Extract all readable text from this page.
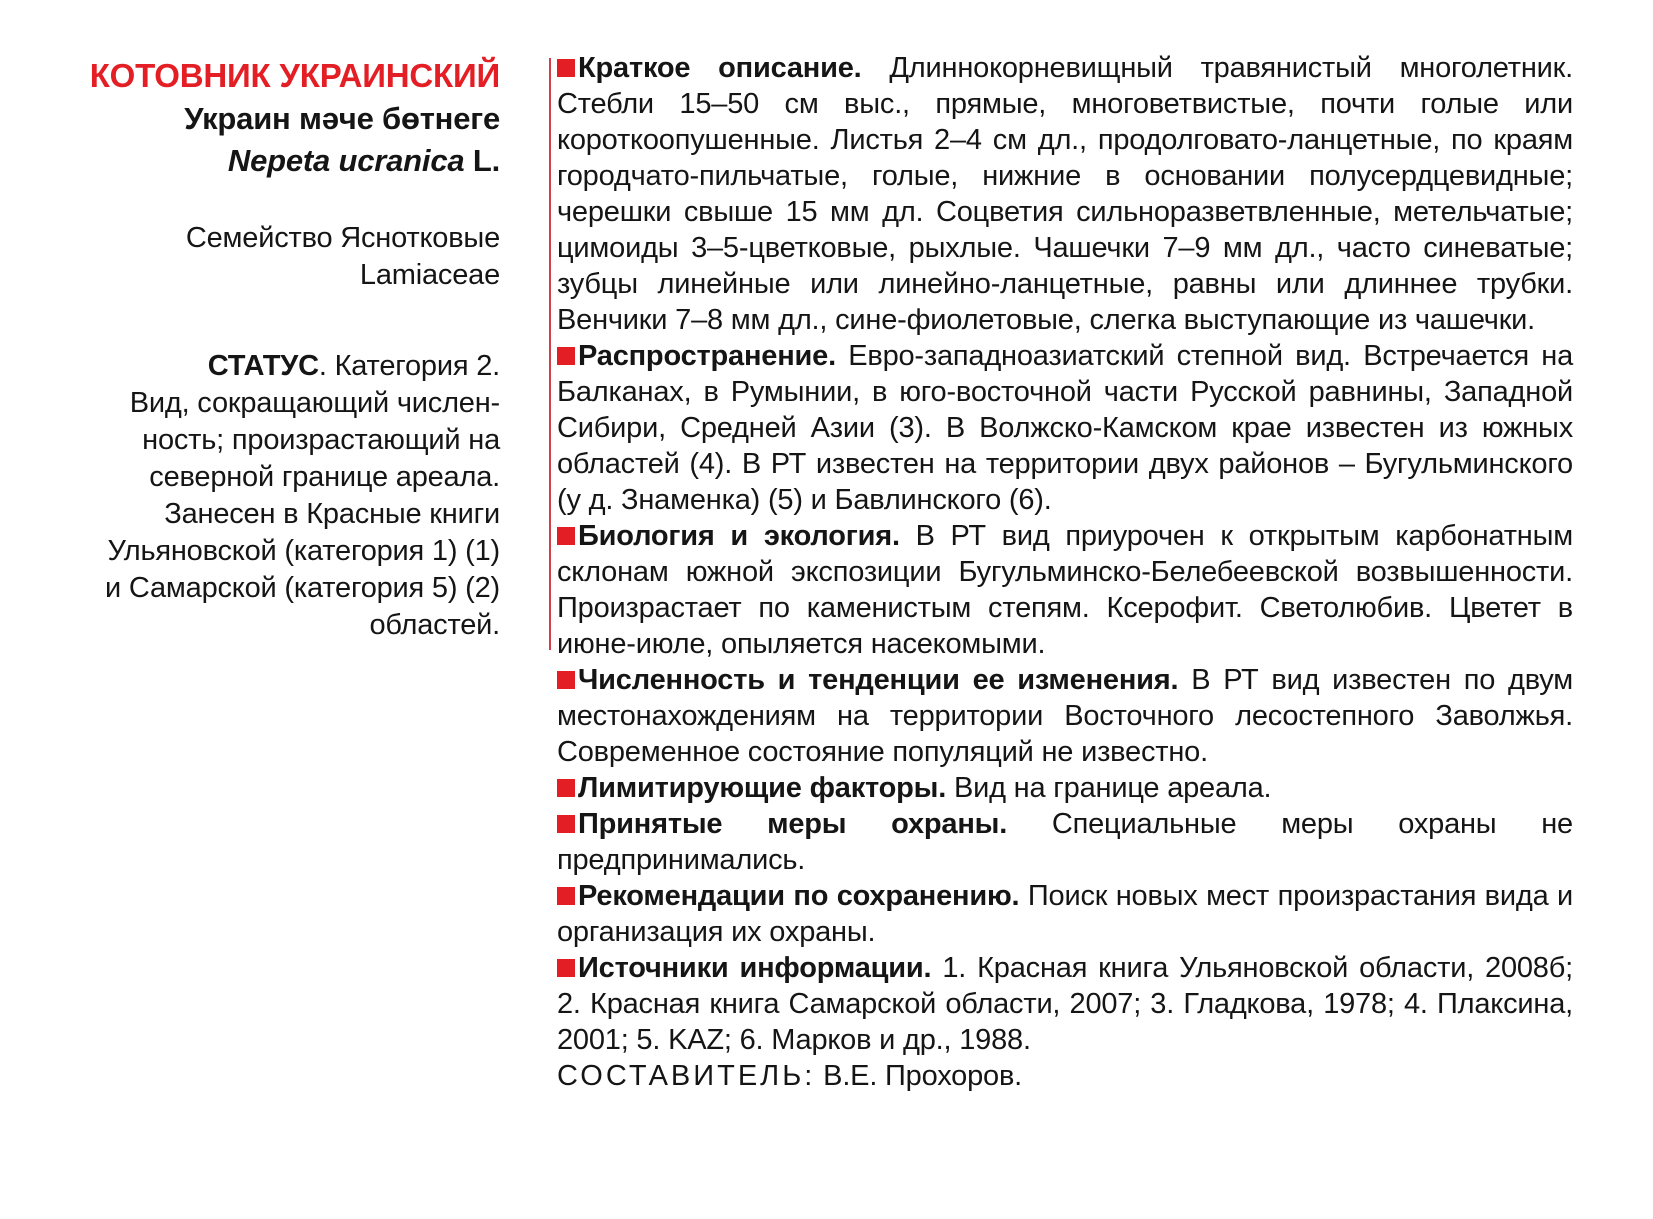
КОТОВНИК УКРАИНСКИЙ
Украин мәче бөтнеге
Nepeta ucranica L.
Семейство Яснотковые
Lamiaceae
СТАТУС. Категория 2.
Вид, сокращающий числен-
ность; произрастающий на
северной границе ареала.
Занесен в Красные книги
Ульяновской (категория 1) (1)
и Самарской (категория 5) (2)
областей.

Краткое описание. Длиннокорневищный травянистый многолетник. Стебли 15–50 см выс., прямые, многоветвистые, почти голые или короткоопушенные. Листья 2–4 см дл., продолговато-ланцетные, по краям городчато-пильчатые, голые, нижние в основании полусердцевидные; черешки свыше 15 мм дл. Соцветия сильноразветвленные, метельчатые; цимоиды 3–5-цветковые, рыхлые. Чашечки 7–9 мм дл., часто синеватые; зубцы линейные или линейно-ланцетные, равны или длиннее трубки. Венчики 7–8 мм дл., сине-фиолетовые, слегка выступающие из чашечки.

Распространение. Евро-западноазиатский степной вид. Встречается на Балканах, в Румынии, в юго-восточной части Русской равнины, Западной Сибири, Средней Азии (3). В Волжско-Камском крае известен из южных областей (4). В РТ известен на территории двух районов – Бугульминского (у д. Знаменка) (5) и Бавлинского (6).

Биология и экология. В РТ вид приурочен к открытым карбонатным склонам южной экспозиции Бугульминско-Белебеевской возвышенности. Произрастает по каменистым степям. Ксерофит. Светолюбив. Цветет в июне-июле, опыляется насекомыми.

Численность и тенденции ее изменения. В РТ вид известен по двум местонахождениям на территории Восточного лесостепного Заволжья. Современное состояние популяций не известно.

Лимитирующие факторы. Вид на границе ареала.

Принятые меры охраны. Специальные меры охраны не предпринимались.

Рекомендации по сохранению. Поиск новых мест произрастания вида и организация их охраны.

Источники информации. 1. Красная книга Ульяновской области, 2008б; 2. Красная книга Самарской области, 2007; 3. Гладкова, 1978; 4. Плаксина, 2001; 5. KAZ; 6. Марков и др., 1988.

СОСТАВИТЕЛЬ: В.Е. Прохоров.
